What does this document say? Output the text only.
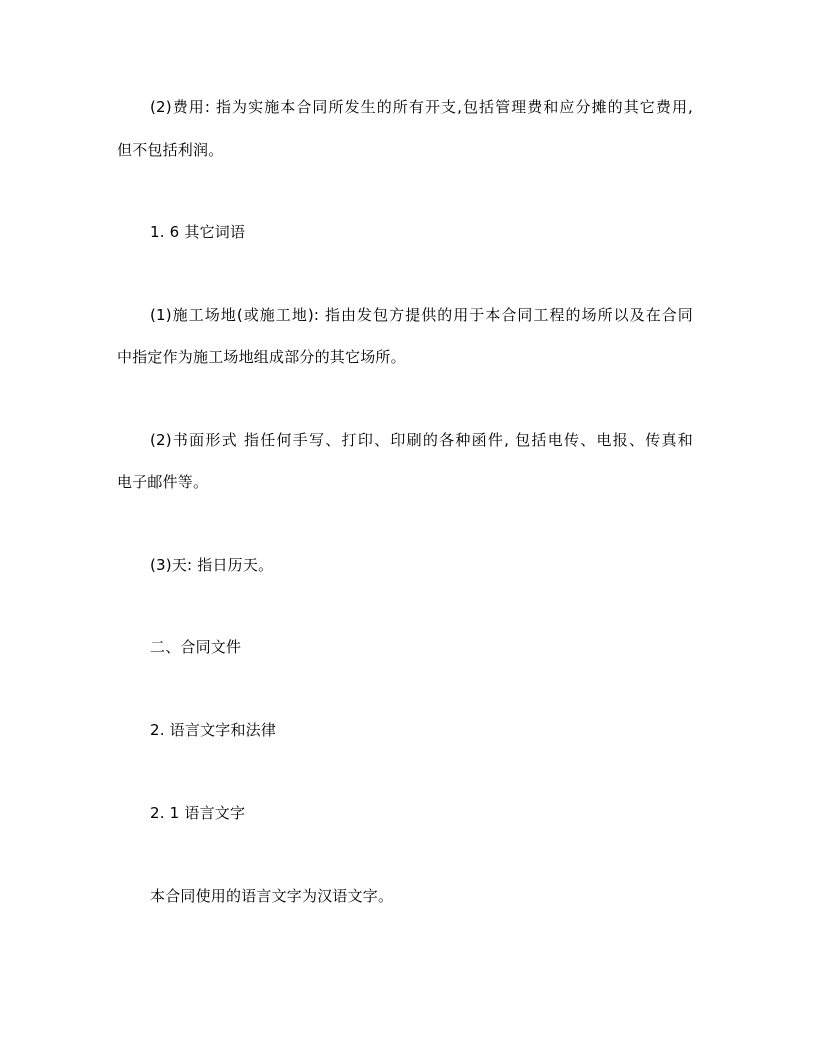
(2)费用: 指为实施本合同所发生的所有开支,包括管理费和应分摊的其它费用,
但不包括利润。
1. 6 其它词语
(1)施工场地(或施工地): 指由发包方提供的用于本合同工程的场所以及在合同
中指定作为施工场地组成部分的其它场所。
(2)书面形式 指任何手写、打印、印刷的各种函件, 包括电传、电报、传真和
电子邮件等。
(3)天: 指日历天。
二、合同文件
2. 语言文字和法律
2. 1 语言文字
本合同使用的语言文字为汉语文字。
